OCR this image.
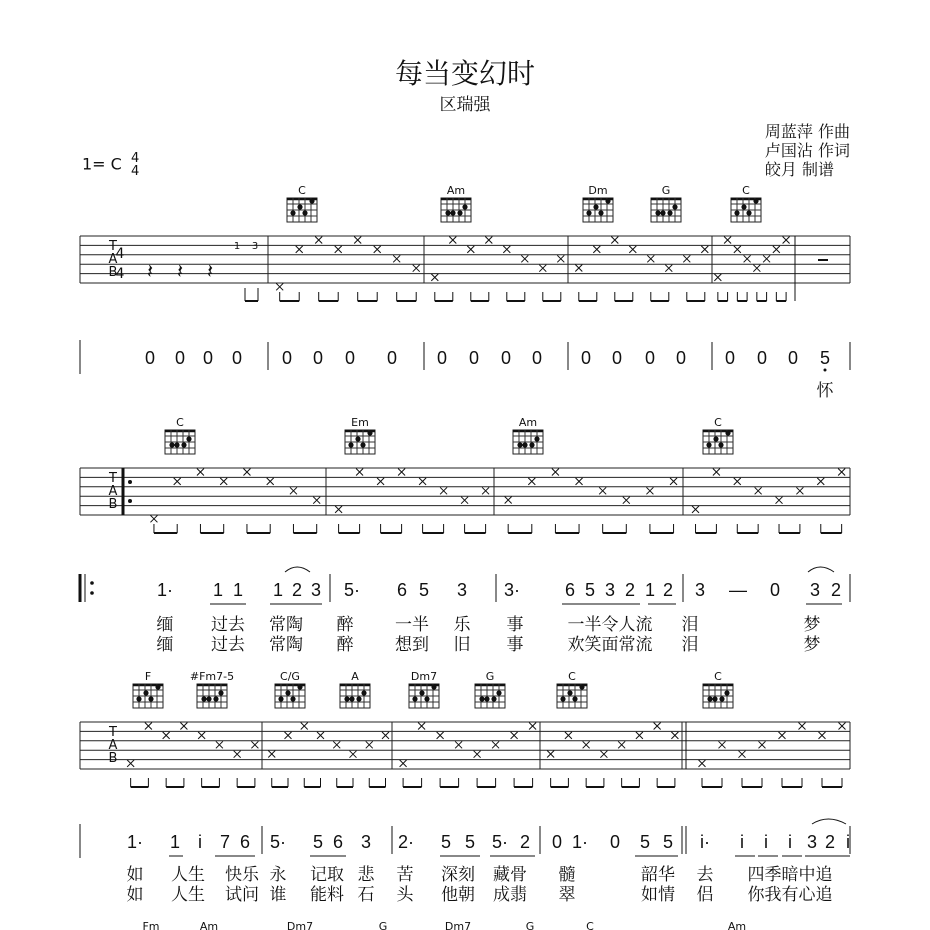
每当变幻时
区瑞强
周蓝萍 作曲
卢国沾 作词
皎月 制谱
1= C 4
4
T
A
B
4
4 𝄽 𝄽 𝄽
C	Am	Dm	G	C
1 3
T
A
B
C	Em	Am	C
T
A
B
F	#Fm7-5	C/G	A	Dm7	G	C	C
Fm	Am	Dm7	G	Dm7	G	C	Am
0 0 0 0 0 0 0 0 0 0 0 0 0 0 0 0 0 0 0 5
怀
1· 1 1 1 2 3 5· 6 5 3 3· 6 5 3 2 1 2 3 — 0 3 2
缅 过去 常陶 醉 一半 乐 事	一半令人流 泪	梦
缅 过去 常陶 醉 想到 旧 事	欢笑面常流 泪	梦
1· 1 i 7 6 5· 5 6 3 2· 5 5 5· 2 0 1· 0 5 5 i· i i i 3 2 i
如 人生 快乐 永 记取 悲 苦 深刻 藏骨 髓	韶华 去 四季暗中追
如 人生 试问 谁 能料 石 头 他朝 成翡 翠	如情 侣 你我有心追
